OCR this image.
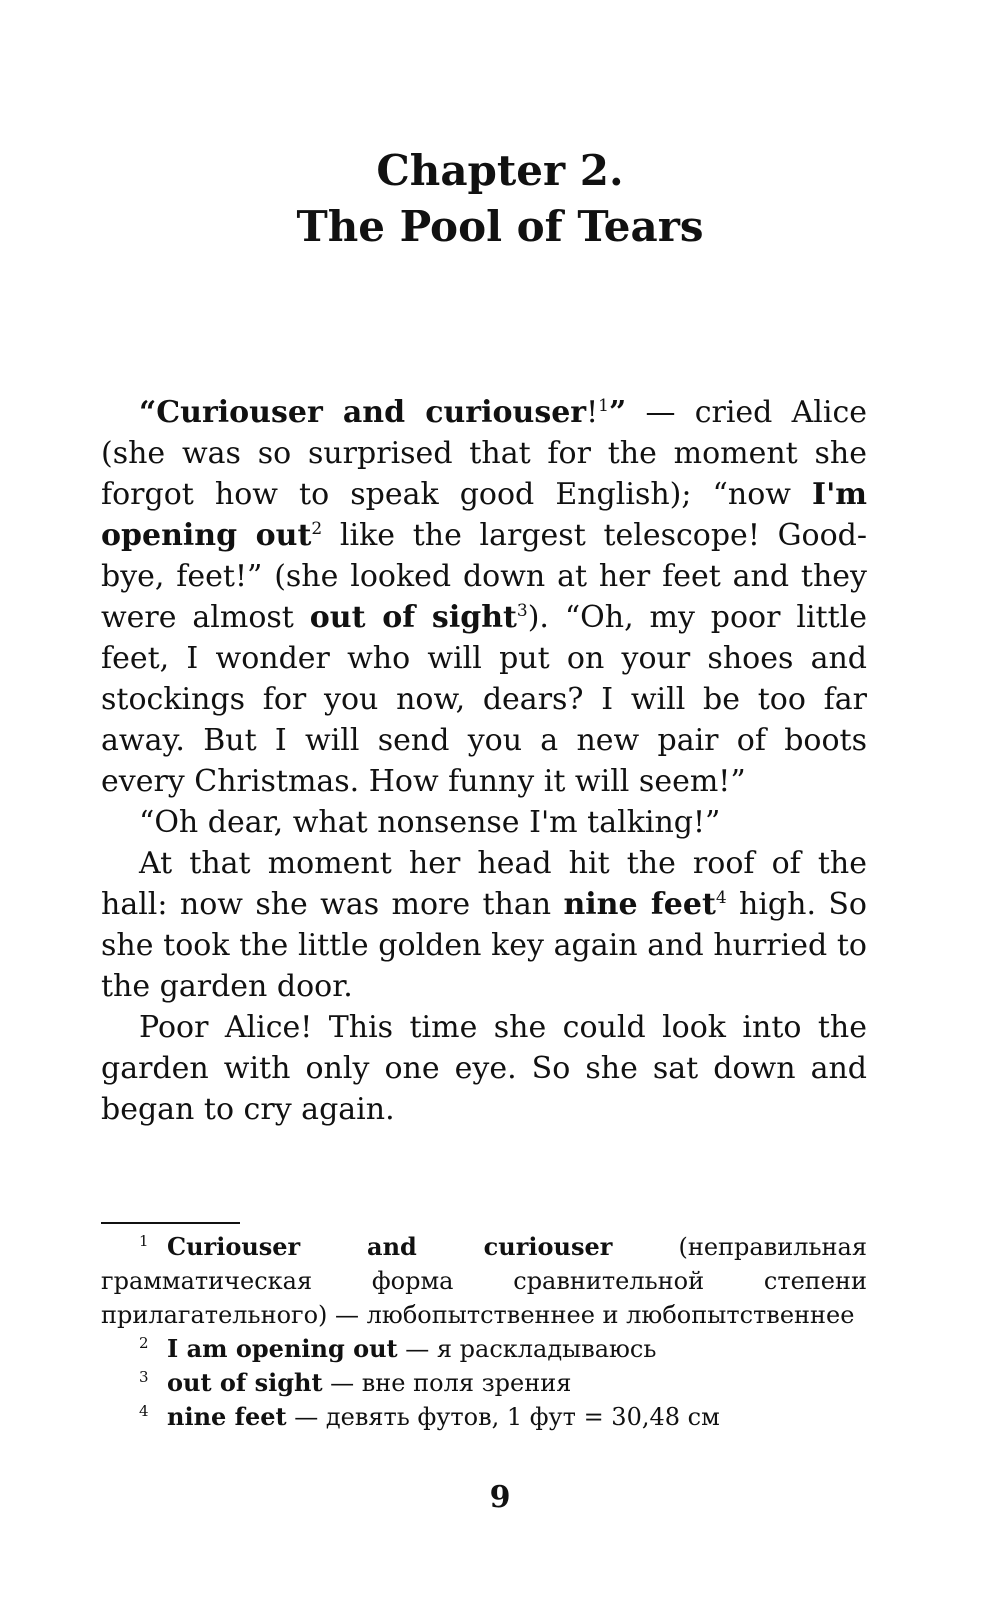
Chapter 2.
The Pool of Tears

“Curiouser and curiouser!$^1$” — cried Alice (she was so surprised that for the moment she forgot how to speak good English); “now I'm opening out$^2$ like the largest telescope! Good-bye, feet!” (she looked down at her feet and they were almost out of sight$^3$). “Oh, my poor little feet, I wonder who will put on your shoes and stockings for you now, dears? I will be too far away. But I will send you a new pair of boots every Christmas. How funny it will seem!”

“Oh dear, what nonsense I'm talking!”

At that moment her head hit the roof of the hall: now she was more than nine feet$^4$ high. So she took the little golden key again and hurried to the garden door.

Poor Alice! This time she could look into the garden with only one eye. So she sat down and began to cry again.

1 Curiouser and curiouser (неправильная грамматическая форма сравнительной степени прилагательного) — любопытственнее и любопытственнее

2 I am opening out — я раскладываюсь

3 out of sight — вне поля зрения

4 nine feet — девять футов, 1 фут = 30,48 см

9
